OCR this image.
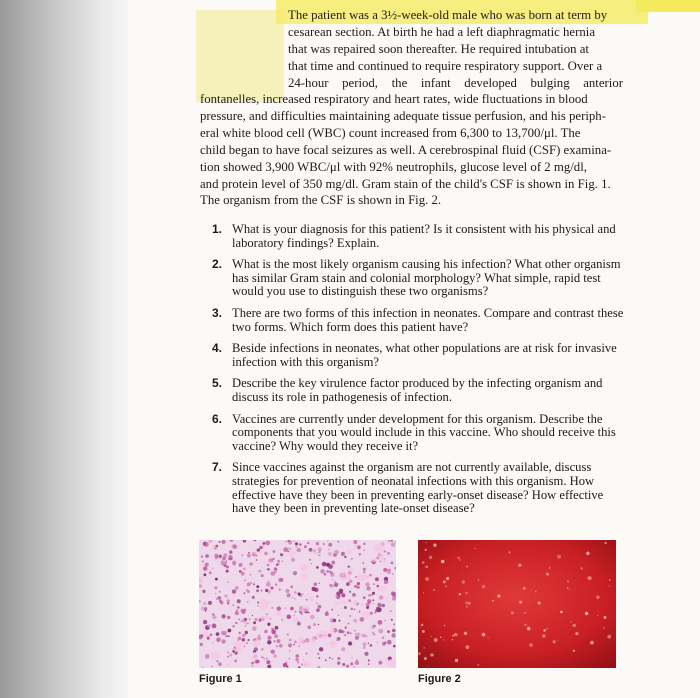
The patient was a 3½-week-old male who was born at term by
cesarean section. At birth he had a left diaphragmatic hernia
that was repaired soon thereafter. He required intubation at
that time and continued to require respiratory support. Over a
24-hour period, the infant developed bulging anterior
fontanelles, increased respiratory and heart rates, wide fluctuations in blood
pressure, and difficulties maintaining adequate tissue perfusion, and his periph-
eral white blood cell (WBC) count increased from 6,300 to 13,700/μl. The
child began to have focal seizures as well. A cerebrospinal fluid (CSF) examina-
tion showed 3,900 WBC/μl with 92% neutrophils, glucose level of 2 mg/dl,
and protein level of 350 mg/dl. Gram stain of the child's CSF is shown in Fig. 1.
The organism from the CSF is shown in Fig. 2.
1. What is your diagnosis for this patient? Is it consistent with his physical and laboratory findings? Explain.
2. What is the most likely organism causing his infection? What other organism has similar Gram stain and colonial morphology? What simple, rapid test would you use to distinguish these two organisms?
3. There are two forms of this infection in neonates. Compare and contrast these two forms. Which form does this patient have?
4. Beside infections in neonates, what other populations are at risk for invasive infection with this organism?
5. Describe the key virulence factor produced by the infecting organism and discuss its role in pathogenesis of infection.
6. Vaccines are currently under development for this organism. Describe the components that you would include in this vaccine. Who should receive this vaccine? Why would they receive it?
7. Since vaccines against the organism are not currently available, discuss strategies for prevention of neonatal infections with this organism. How effective have they been in preventing early-onset disease? How effective have they been in preventing late-onset disease?
Figure 1	Figure 2
